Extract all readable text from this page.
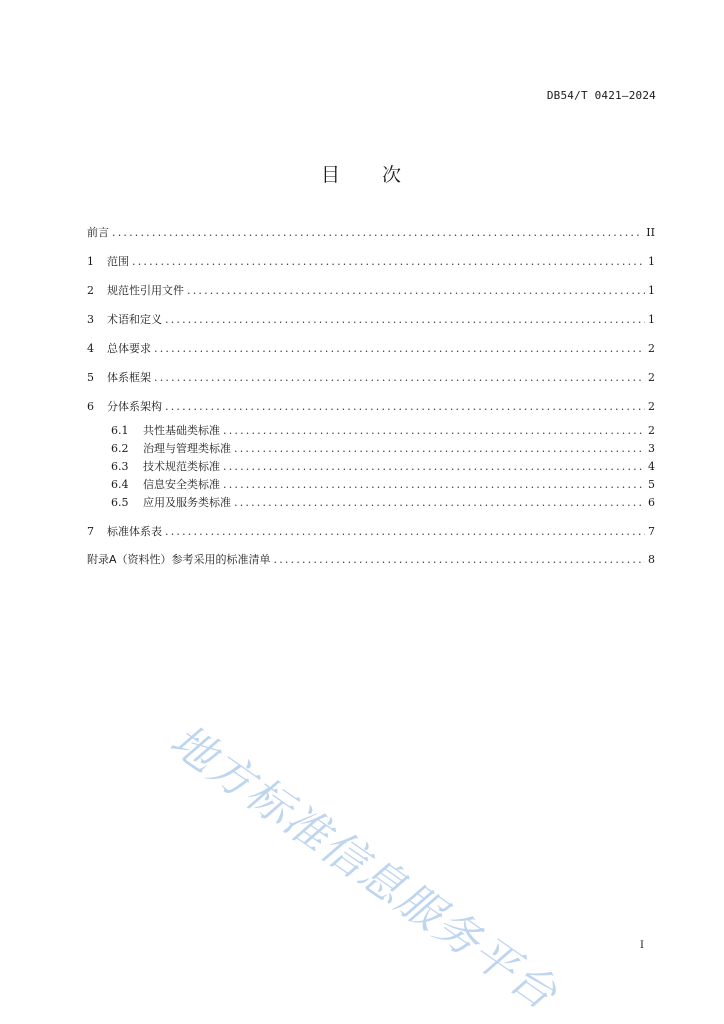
DB54/T 0421—2024
目 次
前言 .....	II
1	范围 .....	1
2	规范性引用文件 .....	1
3	术语和定义 .....	1
4	总体要求 .....	2
5	体系框架 .....	2
6	分体系架构 .....	2
6.1	共性基础类标准 .....	2
6.2	治理与管理类标准 .....	3
6.3	技术规范类标准 .....	4
6.4	信息安全类标准 .....	5
6.5	应用及服务类标准 .....	6
7	标准体系表 .....	7
附录A（资料性）参考采用的标准清单 .....	8
地方标准信息服务平台	I
